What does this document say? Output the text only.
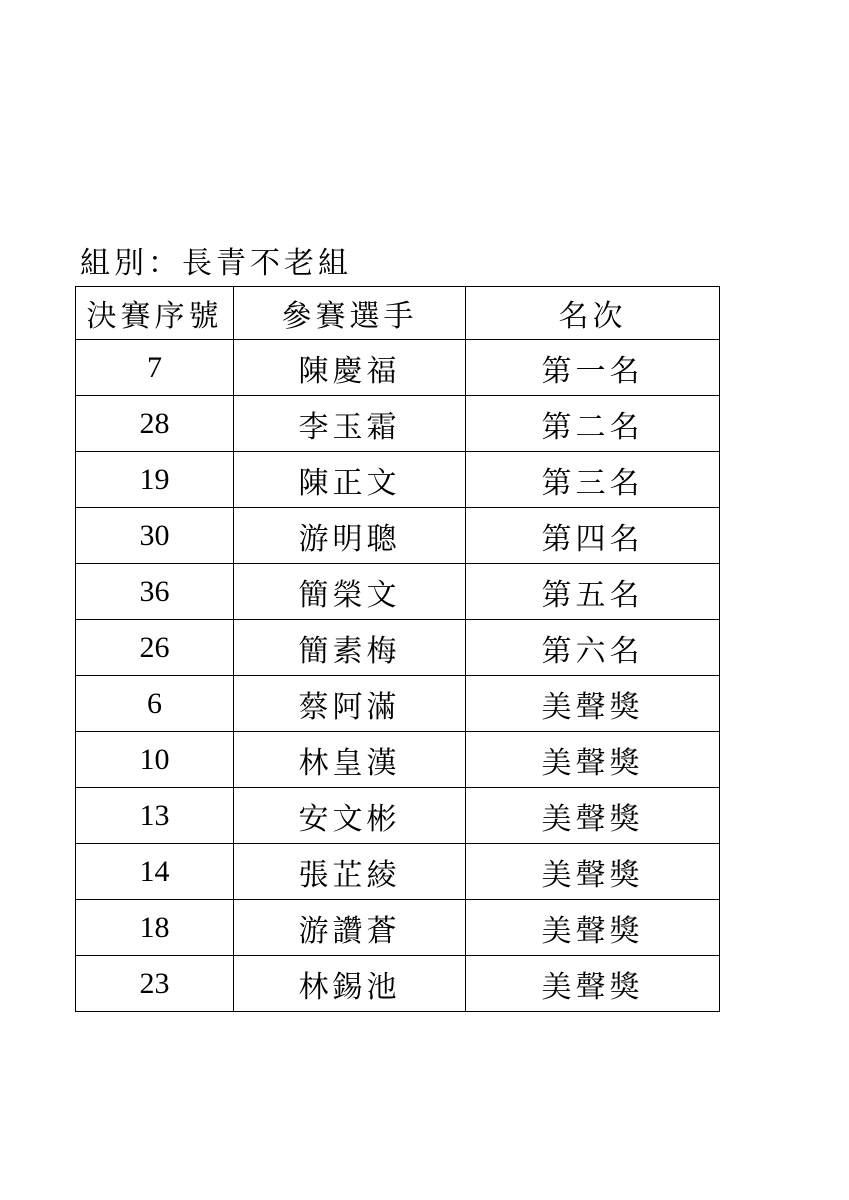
組別：長青不老組
決賽序號	參賽選手	名次
7	陳慶福	第一名
28	李玉霜	第二名
19	陳正文	第三名
30	游明聰	第四名
36	簡榮文	第五名
26	簡素梅	第六名
6	蔡阿滿	美聲獎
10	林皇漢	美聲獎
13	安文彬	美聲獎
14	張芷綾	美聲獎
18	游讚蒼	美聲獎
23	林錫池	美聲獎
